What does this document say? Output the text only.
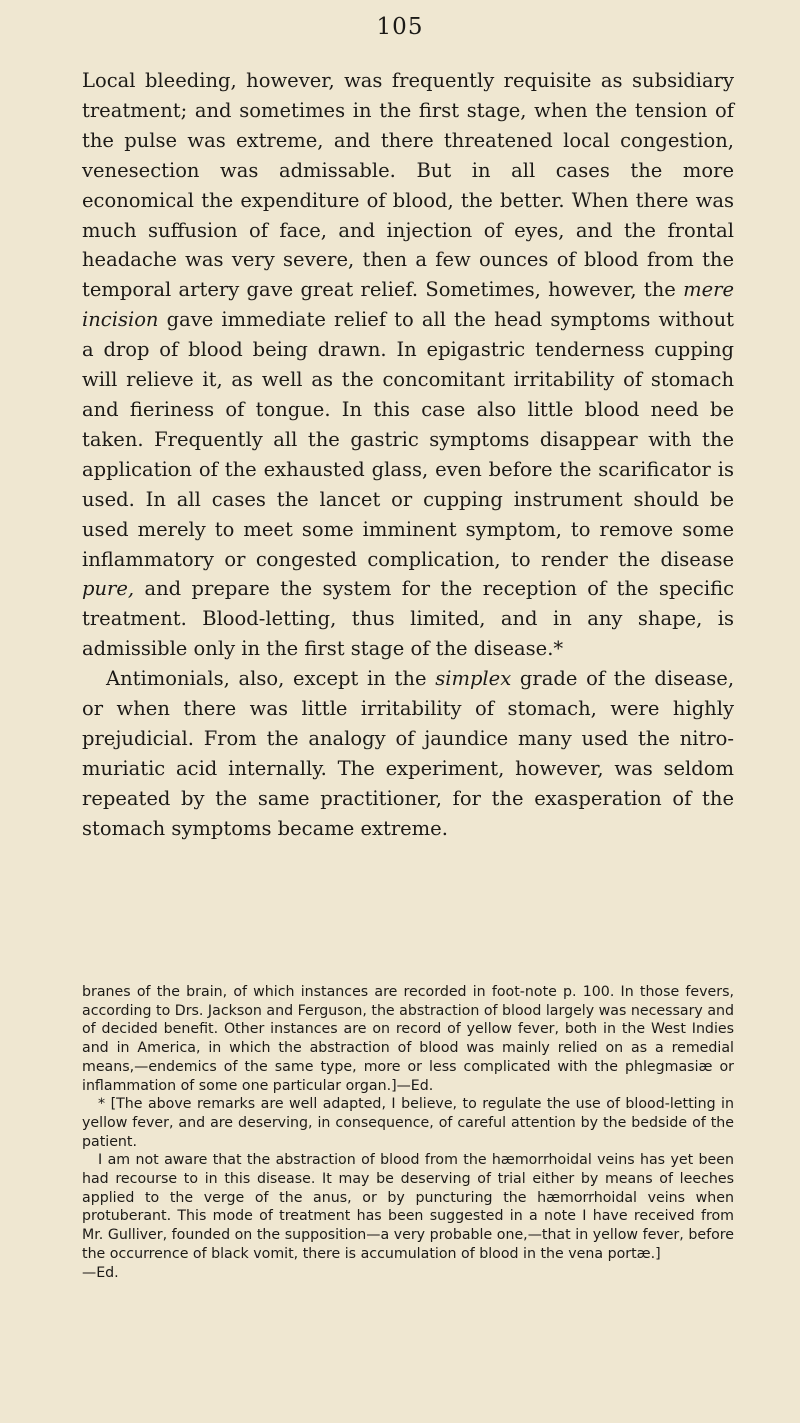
105

Local bleeding, however, was frequently requisite as subsidiary treatment; and sometimes in the first stage, when the tension of the pulse was extreme, and there threatened local congestion, venesection was admissable. But in all cases the more economical the expenditure of blood, the better. When there was much suffusion of face, and injection of eyes, and the frontal headache was very severe, then a few ounces of blood from the temporal artery gave great relief. Sometimes, however, the mere incision gave immediate relief to all the head symptoms without a drop of blood being drawn. In epigastric tenderness cupping will relieve it, as well as the concomitant irritability of stomach and fieriness of tongue. In this case also little blood need be taken. Frequently all the gastric symptoms disappear with the application of the exhausted glass, even before the scarificator is used. In all cases the lancet or cupping instrument should be used merely to meet some imminent symptom, to remove some inflammatory or congested complication, to render the disease pure, and prepare the system for the reception of the specific treatment. Blood-letting, thus limited, and in any shape, is admissible only in the first stage of the disease.*

Antimonials, also, except in the simplex grade of the disease, or when there was little irritability of stomach, were highly prejudicial. From the analogy of jaundice many used the nitro-muriatic acid internally. The experiment, however, was seldom repeated by the same practitioner, for the exasperation of the stomach symptoms became extreme.

branes of the brain, of which instances are recorded in foot-note p. 100. In those fevers, according to Drs. Jackson and Ferguson, the abstraction of blood largely was necessary and of decided benefit. Other instances are on record of yellow fever, both in the West Indies and in America, in which the abstraction of blood was mainly relied on as a remedial means,—endemics of the same type, more or less complicated with the phlegmasiæ or inflammation of some one particular organ.]—Ed.

* [The above remarks are well adapted, I believe, to regulate the use of blood-letting in yellow fever, and are deserving, in consequence, of careful attention by the bedside of the patient.

I am not aware that the abstraction of blood from the hæmorrhoidal veins has yet been had recourse to in this disease. It may be deserving of trial either by means of leeches applied to the verge of the anus, or by puncturing the hæmorrhoidal veins when protuberant. This mode of treatment has been suggested in a note I have received from Mr. Gulliver, founded on the supposition—a very probable one,—that in yellow fever, before the occurrence of black vomit, there is accumulation of blood in the vena portæ.]

—Ed.
